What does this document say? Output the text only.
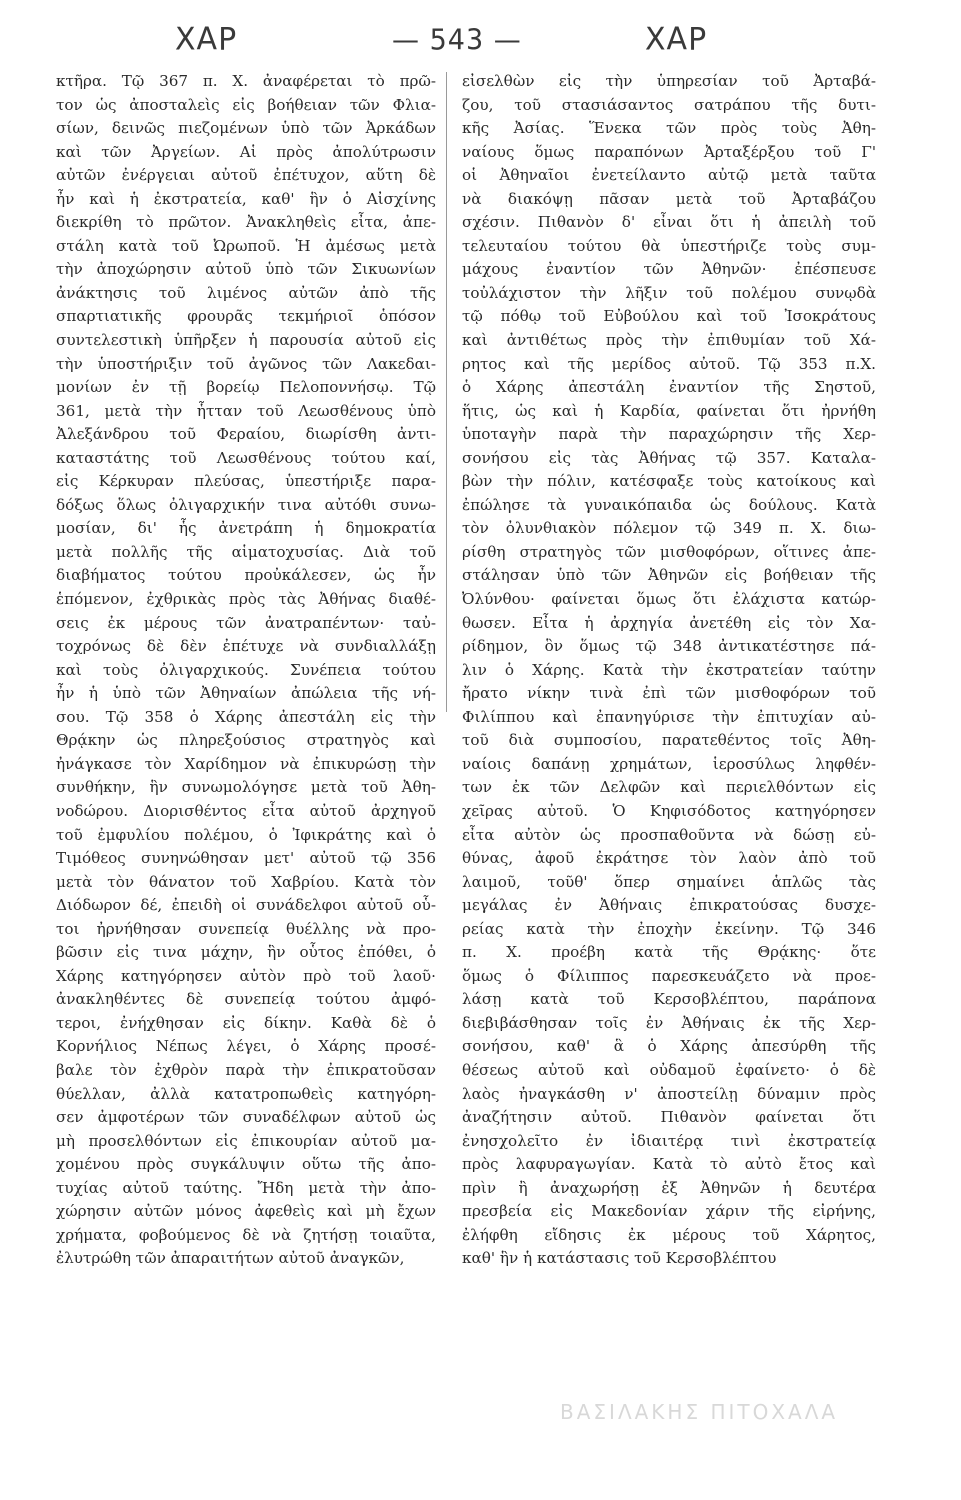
ΧΑΡ	— 543 —	ΧΑΡ
κτῆρα. Τῷ 367 π. Χ. ἀναφέρεται τὸ πρῶ-
τον ὡς ἀποσταλεὶς εἰς βοήθειαν τῶν Φλια-
σίων, δεινῶς πιεζομένων ὑπὸ τῶν Ἀρκάδων
καὶ τῶν Ἀργείων. Αἱ πρὸς ἀπολύτρωσιν
αὐτῶν ἐνέργειαι αὐτοῦ ἐπέτυχον, αὕτη δὲ
ἦν καὶ ἡ ἐκστρατεία, καθ' ἣν ὁ Αἰσχίνης
διεκρίθη τὸ πρῶτον. Ἀνακληθεὶς εἶτα, ἀπε-
στάλη κατὰ τοῦ Ὠρωποῦ. Ἡ ἀμέσως μετὰ
τὴν ἀποχώρησιν αὐτοῦ ὑπὸ τῶν Σικυωνίων
ἀνάκτησις τοῦ λιμένος αὐτῶν ἀπὸ τῆς
σπαρτιατικῆς φρουρᾶς τεκμήριοῖ ὁπόσον
συντελεστικὴ ὑπῆρξεν ἡ παρουσία αὐτοῦ εἰς
τὴν ὑποστήριξιν τοῦ ἀγῶνος τῶν Λακεδαι-
μονίων ἐν τῇ βορείῳ Πελοποννήσῳ. Τῷ
361, μετὰ τὴν ἧτταν τοῦ Λεωσθένους ὑπὸ
Ἀλεξάνδρου τοῦ Φεραίου, διωρίσθη ἀντι-
καταστάτης τοῦ Λεωσθένους τούτου καί,
εἰς Κέρκυραν πλεύσας, ὑπεστήριξε παρα-
δόξως ὅλως ὀλιγαρχικήν τινα αὐτόθι συνω-
μοσίαν, δι' ἧς ἀνετράπη ἡ δημοκρατία
μετὰ πολλῆς τῆς αἱματοχυσίας. Διὰ τοῦ
διαβήματος τούτου προὐκάλεσεν, ὡς ἦν
ἑπόμενον, ἐχθρικὰς πρὸς τὰς Ἀθήνας διαθέ-
σεις ἐκ μέρους τῶν ἀνατραπέντων· ταὐ-
τοχρόνως δὲ δὲν ἐπέτυχε νὰ συνδιαλλάξῃ
καὶ τοὺς ὀλιγαρχικούς. Συνέπεια τούτου
ἦν ἡ ὑπὸ τῶν Ἀθηναίων ἀπώλεια τῆς νή-
σου. Τῷ 358 ὁ Χάρης ἀπεστάλη εἰς τὴν
Θρᾴκην ὡς πληρεξούσιος στρατηγὸς καὶ
ἠνάγκασε τὸν Χαρίδημον νὰ ἐπικυρώσῃ τὴν
συνθήκην, ἣν συνωμολόγησε μετὰ τοῦ Ἀθη-
νοδώρου. Διορισθέντος εἶτα αὐτοῦ ἀρχηγοῦ
τοῦ ἐμφυλίου πολέμου, ὁ Ἰφικράτης καὶ ὁ
Τιμόθεος συνηνώθησαν μετ' αὐτοῦ τῷ 356
μετὰ τὸν θάνατον τοῦ Χαβρίου. Κατὰ τὸν
Διόδωρον δέ, ἐπειδὴ οἱ συνάδελφοι αὐτοῦ οὗ-
τοι ἠρνήθησαν συνεπείᾳ θυέλλης νὰ προ-
βῶσιν εἰς τινα μάχην, ἣν οὗτος ἐπόθει, ὁ
Χάρης κατηγόρησεν αὐτὸν πρὸ τοῦ λαοῦ·
ἀνακληθέντες δὲ συνεπείᾳ τούτου ἀμφό-
τεροι, ἐνήχθησαν εἰς δίκην. Καθὰ δὲ ὁ
Κορνήλιος Νέπως λέγει, ὁ Χάρης προσέ-
βαλε τὸν ἐχθρὸν παρὰ τὴν ἐπικρατοῦσαν
θύελλαν, ἀλλὰ κατατροπωθεὶς κατηγόρη-
σεν ἀμφοτέρων τῶν συναδέλφων αὐτοῦ ὡς
μὴ προσελθόντων εἰς ἐπικουρίαν αὐτοῦ μα-
χομένου πρὸς συγκάλυψιν οὕτω τῆς ἀπο-
τυχίας αὐτοῦ ταύτης. Ἤδη μετὰ τὴν ἀπο-
χώρησιν αὐτῶν μόνος ἀφεθεὶς καὶ μὴ ἔχων
χρήματα, φοβούμενος δὲ νὰ ζητήσῃ τοιαῦτα,
ἐλυτρώθη τῶν ἀπαραιτήτων αὐτοῦ ἀναγκῶν,
εἰσελθὼν εἰς τὴν ὑπηρεσίαν τοῦ Ἀρταβά-
ζου, τοῦ στασιάσαντος σατράπου τῆς δυτι-
κῆς Ἀσίας. Ἕνεκα τῶν πρὸς τοὺς Ἀθη-
ναίους ὅμως παραπόνων Ἀρταξέρξου τοῦ Γ'
οἱ Ἀθηναῖοι ἐνετείλαντο αὐτῷ μετὰ ταῦτα
νὰ διακόψῃ πᾶσαν μετὰ τοῦ Ἀρταβάζου
σχέσιν. Πιθανὸν δ' εἶναι ὅτι ἡ ἀπειλὴ τοῦ
τελευταίου τούτου θὰ ὑπεστήριζε τοὺς συμ-
μάχους ἐναντίον τῶν Ἀθηνῶν· ἐπέσπευσε
τοὐλάχιστον τὴν λῆξιν τοῦ πολέμου συνῳδὰ
τῷ πόθῳ τοῦ Εὐβούλου καὶ τοῦ Ἰσοκράτους
καὶ ἀντιθέτως πρὸς τὴν ἐπιθυμίαν τοῦ Χά-
ρητος καὶ τῆς μερίδος αὐτοῦ. Τῷ 353 π.Χ.
ὁ Χάρης ἀπεστάλη ἐναντίον τῆς Σηστοῦ,
ἥτις, ὡς καὶ ἡ Καρδία, φαίνεται ὅτι ἠρνήθη
ὑποταγὴν παρὰ τὴν παραχώρησιν τῆς Χερ-
σονήσου εἰς τὰς Ἀθήνας τῷ 357. Καταλα-
βὼν τὴν πόλιν, κατέσφαξε τοὺς κατοίκους καὶ
ἐπώλησε τὰ γυναικόπαιδα ὡς δούλους. Κατὰ
τὸν ὀλυνθιακὸν πόλεμον τῷ 349 π. Χ. διω-
ρίσθη στρατηγὸς τῶν μισθοφόρων, οἵτινες ἀπε-
στάλησαν ὑπὸ τῶν Ἀθηνῶν εἰς βοήθειαν τῆς
Ὀλύνθου· φαίνεται ὅμως ὅτι ἐλάχιστα κατώρ-
θωσεν. Εἶτα ἡ ἀρχηγία ἀνετέθη εἰς τὸν Χα-
ρίδημον, ὃν ὅμως τῷ 348 ἀντικατέστησε πά-
λιν ὁ Χάρης. Κατὰ τὴν ἐκστρατείαν ταύτην
ἤρατο νίκην τινὰ ἐπὶ τῶν μισθοφόρων τοῦ
Φιλίππου καὶ ἐπανηγύρισε τὴν ἐπιτυχίαν αὐ-
τοῦ διὰ συμποσίου, παρατεθέντος τοῖς Ἀθη-
ναίοις δαπάνῃ χρημάτων, ἱεροσύλως ληφθέν-
των ἐκ τῶν Δελφῶν καὶ περιελθόντων εἰς
χεῖρας αὐτοῦ. Ὁ Κηφισόδοτος κατηγόρησεν
εἶτα αὐτὸν ὡς προσπαθοῦντα νὰ δώσῃ εὐ-
θύνας, ἀφοῦ ἐκράτησε τὸν λαὸν ἀπὸ τοῦ
λαιμοῦ, τοῦθ' ὅπερ σημαίνει ἁπλῶς τὰς
μεγάλας ἐν Ἀθήναις ἐπικρατούσας δυσχε-
ρείας κατὰ τὴν ἐποχὴν ἐκείνην. Τῷ 346
π. Χ. προέβη κατὰ τῆς Θρᾴκης· ὅτε
ὅμως ὁ Φίλιππος παρεσκευάζετο νὰ προε-
λάσῃ κατὰ τοῦ Κερσοβλέπτου, παράπονα
διεβιβάσθησαν τοῖς ἐν Ἀθήναις ἐκ τῆς Χερ-
σονήσου, καθ' ἃ ὁ Χάρης ἀπεσύρθη τῆς
θέσεως αὐτοῦ καὶ οὐδαμοῦ ἐφαίνετο· ὁ δὲ
λαὸς ἠναγκάσθη ν' ἀποστείλῃ δύναμιν πρὸς
ἀναζήτησιν αὐτοῦ. Πιθανὸν φαίνεται ὅτι
ἐνησχολεῖτο ἐν ἰδιαιτέρᾳ τινὶ ἐκστρατείᾳ
πρὸς λαφυραγωγίαν. Κατὰ τὸ αὐτὸ ἔτος καὶ
πρὶν ἢ ἀναχωρήσῃ ἐξ Ἀθηνῶν ἡ δευτέρα
πρεσβεία εἰς Μακεδονίαν χάριν τῆς εἰρήνης,
ἐλήφθη εἴδησις ἐκ μέρους τοῦ Χάρητος,
καθ' ἣν ἡ κατάστασις τοῦ Κερσοβλέπτου
ΒΑΣΙΛΑΚΗΣ ΠΙΤΟΧΑΛΑ
